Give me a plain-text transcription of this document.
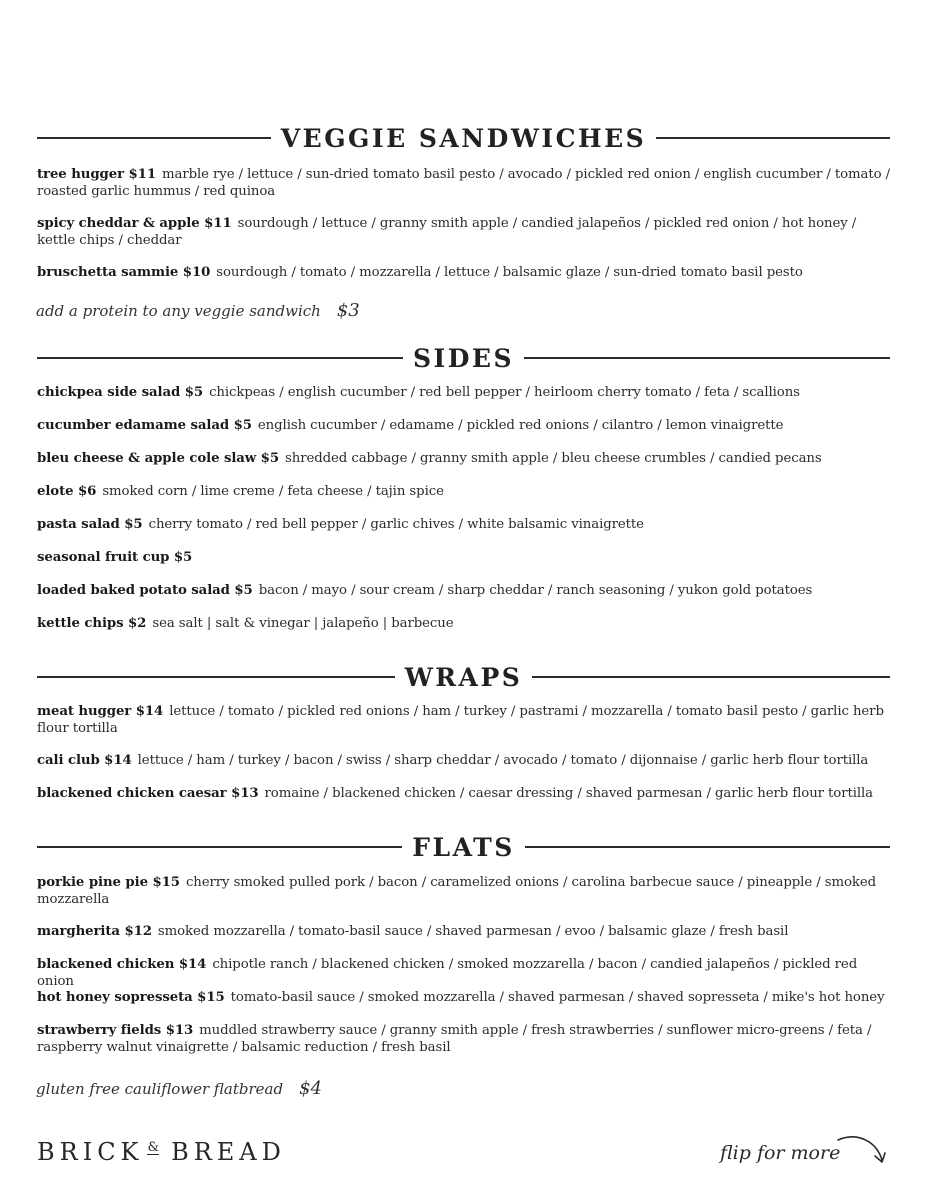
VEGGIE SANDWICHES
tree hugger $11 marble rye / lettuce / sun-dried tomato basil pesto / avocado / pickled red onion / english cucumber / tomato / roasted garlic hummus / red quinoa
spicy cheddar & apple $11 sourdough / lettuce / granny smith apple / candied jalapeños / pickled red onion / hot honey / kettle chips / cheddar
bruschetta sammie $10 sourdough / tomato / mozzarella / lettuce / balsamic glaze / sun-dried tomato basil pesto
add a protein to any veggie sandwich $3
SIDES
chickpea side salad $5 chickpeas / english cucumber / red bell pepper / heirloom cherry tomato / feta / scallions
cucumber edamame salad $5 english cucumber / edamame / pickled red onions / cilantro / lemon vinaigrette
bleu cheese & apple cole slaw $5 shredded cabbage / granny smith apple / bleu cheese crumbles / candied pecans
elote $6 smoked corn / lime creme / feta cheese / tajin spice
pasta salad $5 cherry tomato / red bell pepper / garlic chives / white balsamic vinaigrette
seasonal fruit cup $5
loaded baked potato salad $5 bacon / mayo / sour cream / sharp cheddar / ranch seasoning / yukon gold potatoes
kettle chips $2 sea salt | salt & vinegar | jalapeño | barbecue
WRAPS
meat hugger $14 lettuce / tomato / pickled red onions / ham / turkey / pastrami / mozzarella / tomato basil pesto / garlic herb flour tortilla
cali club $14 lettuce / ham / turkey / bacon / swiss / sharp cheddar / avocado / tomato / dijonnaise / garlic herb flour tortilla
blackened chicken caesar $13 romaine / blackened chicken / caesar dressing / shaved parmesan / garlic herb flour tortilla
FLATS
porkie pine pie $15 cherry smoked pulled pork / bacon / caramelized onions / carolina barbecue sauce / pineapple / smoked mozzarella
margherita $12 smoked mozzarella / tomato-basil sauce / shaved parmesan / evoo / balsamic glaze / fresh basil
blackened chicken $14 chipotle ranch / blackened chicken / smoked mozzarella / bacon / candied jalapeños / pickled red onion
hot honey sopresseta $15 tomato-basil sauce / smoked mozzarella / shaved parmesan / shaved sopresseta / mike's hot honey
strawberry fields $13 muddled strawberry sauce / granny smith apple / fresh strawberries / sunflower micro-greens / feta / raspberry walnut vinaigrette / balsamic reduction / fresh basil
gluten free cauliflower flatbread $4
BRICK & BREAD	flip for more
